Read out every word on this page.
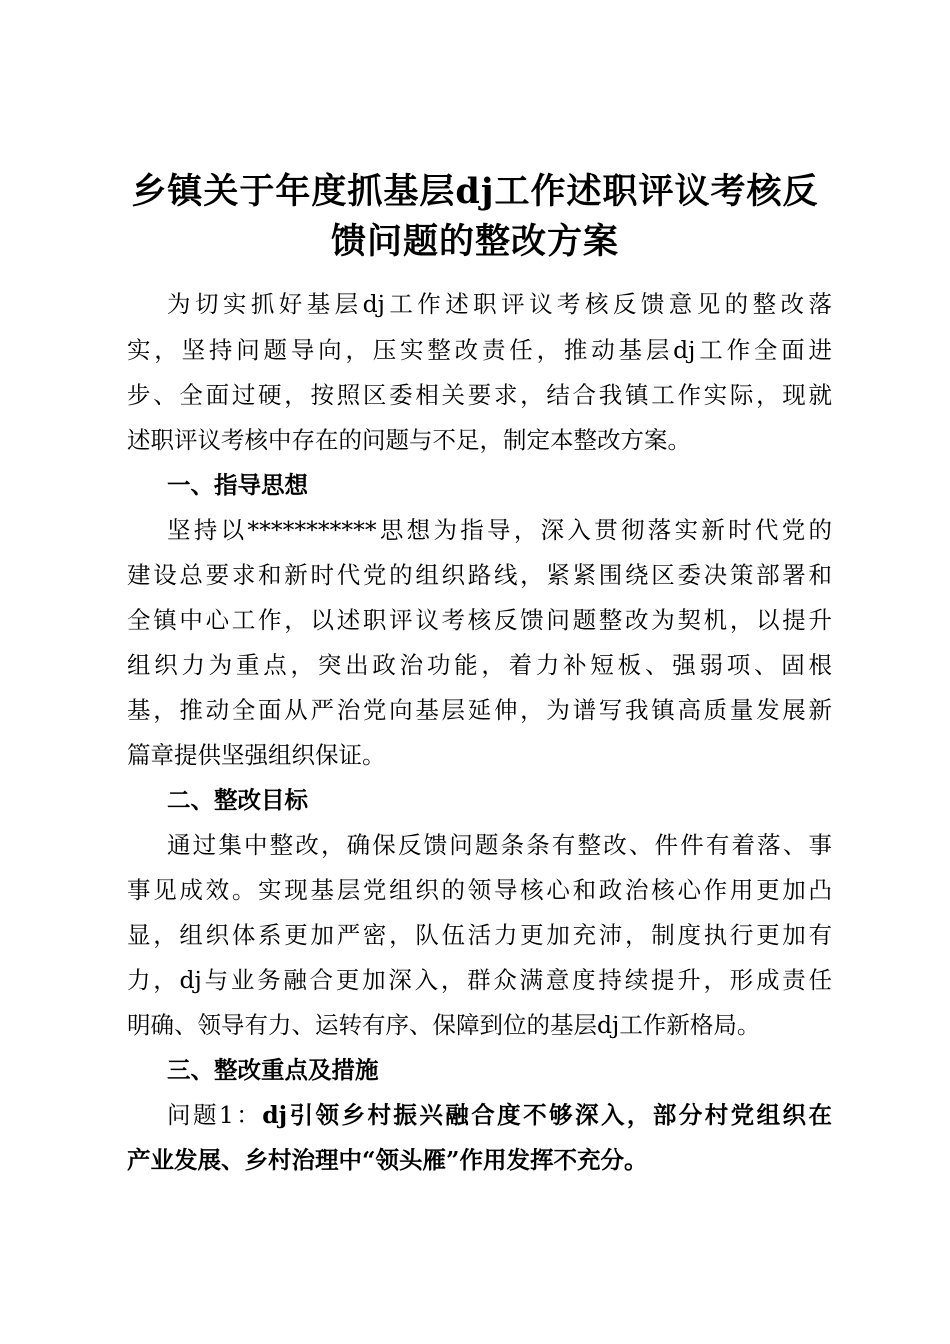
乡镇关于年度抓基层dj工作述职评议考核反
馈问题的整改方案
为切实抓好基层dj工作述职评议考核反馈意见的整改落
实，坚持问题导向，压实整改责任，推动基层dj工作全面进
步、全面过硬，按照区委相关要求，结合我镇工作实际，现就
述职评议考核中存在的问题与不足，制定本整改方案。
一、指导思想
坚持以***********思想为指导，深入贯彻落实新时代党的
建设总要求和新时代党的组织路线，紧紧围绕区委决策部署和
全镇中心工作，以述职评议考核反馈问题整改为契机，以提升
组织力为重点，突出政治功能，着力补短板、强弱项、固根
基，推动全面从严治党向基层延伸，为谱写我镇高质量发展新
篇章提供坚强组织保证。
二、整改目标
通过集中整改，确保反馈问题条条有整改、件件有着落、事
事见成效。实现基层党组织的领导核心和政治核心作用更加凸
显，组织体系更加严密，队伍活力更加充沛，制度执行更加有
力，dj与业务融合更加深入，群众满意度持续提升，形成责任
明确、领导有力、运转有序、保障到位的基层dj工作新格局。
三、整改重点及措施
问题1：dj引领乡村振兴融合度不够深入，部分村党组织在
产业发展、乡村治理中“领头雁”作用发挥不充分。
